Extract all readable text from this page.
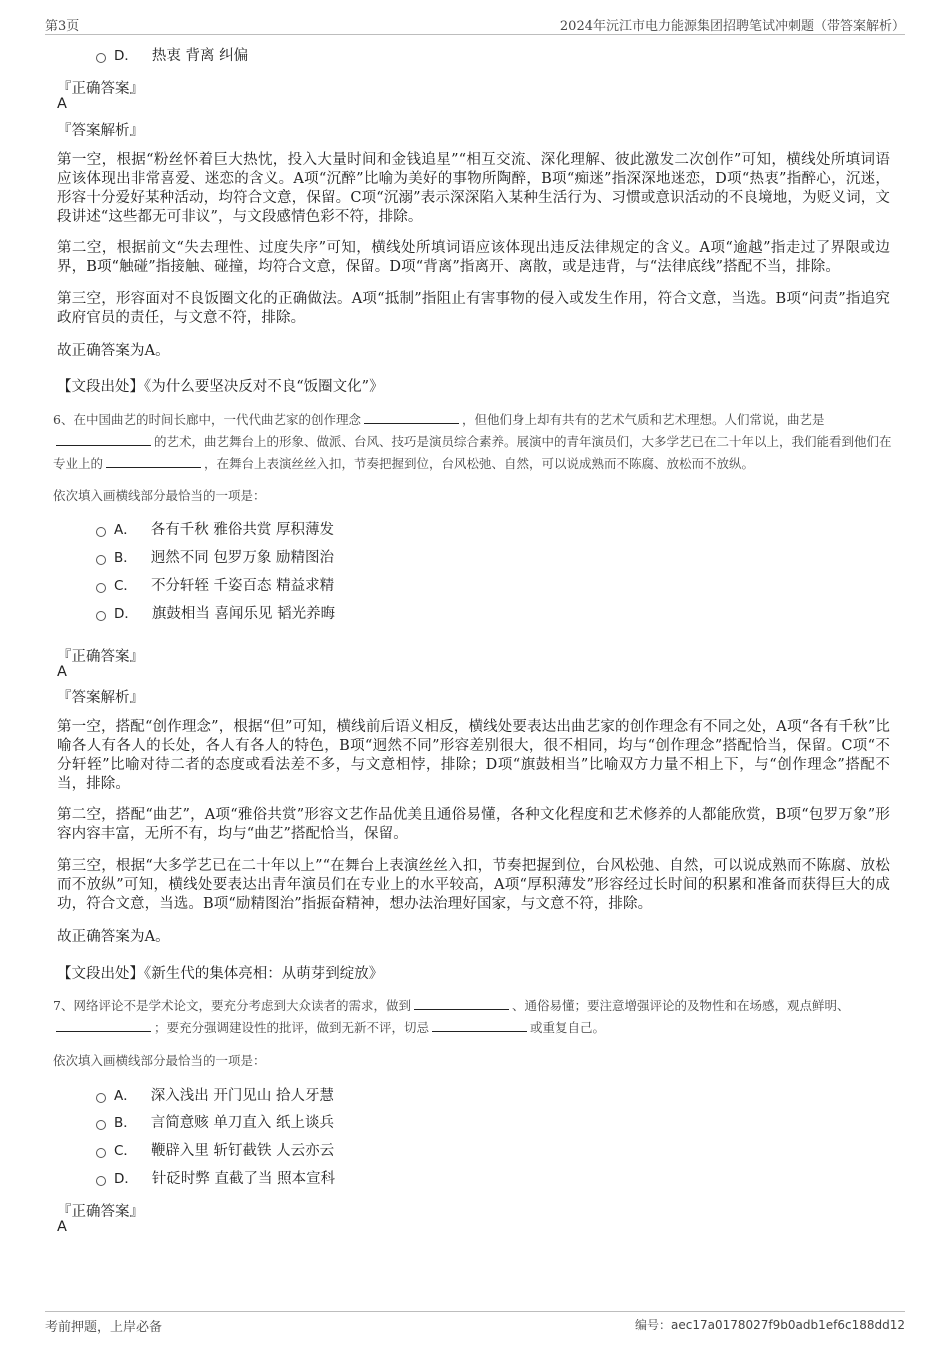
第3页	2024年沅江市电力能源集团招聘笔试冲刺题（带答案解析）
D． 热衷 背离 纠偏
『正确答案』
A
『答案解析』
第一空，根据“粉丝怀着巨大热忱，投入大量时间和金钱追星”“相互交流、深化理解、彼此激发二次创作”可知，横线处所填词语应该体现出非常喜爱、迷恋的含义。A项“沉醉”比喻为美好的事物所陶醉，B项“痴迷”指深深地迷恋，D项“热衷”指醉心，沉迷，形容十分爱好某种活动，均符合文意，保留。C项“沉溺”表示深深陷入某种生活行为、习惯或意识活动的不良境地，为贬义词，文段讲述“这些都无可非议”，与文段感情色彩不符，排除。
第二空，根据前文“失去理性、过度失序”可知，横线处所填词语应该体现出违反法律规定的含义。A项“逾越”指走过了界限或边界，B项“触碰”指接触、碰撞，均符合文意，保留。D项“背离”指离开、离散，或是违背，与“法律底线”搭配不当，排除。
第三空，形容面对不良饭圈文化的正确做法。A项“抵制”指阻止有害事物的侵入或发生作用，符合文意，当选。B项“问责”指追究政府官员的责任，与文意不符，排除。
故正确答案为A。
【文段出处】《为什么要坚决反对不良“饭圈文化”》
6、在中国曲艺的时间长廊中，一代代曲艺家的创作理念	，但他们身上却有共有的艺术气质和艺术理想。人们常说，曲艺是的艺术，曲艺舞台上的形象、做派、台风、技巧是演员综合素养。展演中的青年演员们，大多学艺已在二十年以上，我们能看到他们在专业上的	，在舞台上表演丝丝入扣，节奏把握到位，台风松弛、自然，可以说成熟而不陈腐、放松而不放纵。
依次填入画横线部分最恰当的一项是：
A． 各有千秋 雅俗共赏 厚积薄发
B． 迥然不同 包罗万象 励精图治
C． 不分轩轾 千姿百态 精益求精
D． 旗鼓相当 喜闻乐见 韬光养晦
『正确答案』
A
『答案解析』
第一空，搭配“创作理念”，根据“但”可知，横线前后语义相反，横线处要表达出曲艺家的创作理念有不同之处，A项“各有千秋”比喻各人有各人的长处，各人有各人的特色，B项“迥然不同”形容差别很大，很不相同，均与“创作理念”搭配恰当，保留。C项“不分轩轾”比喻对待二者的态度或看法差不多，与文意相悖，排除；D项“旗鼓相当”比喻双方力量不相上下，与“创作理念”搭配不当，排除。
第二空，搭配“曲艺”，A项“雅俗共赏”形容文艺作品优美且通俗易懂，各种文化程度和艺术修养的人都能欣赏，B项“包罗万象”形容内容丰富，无所不有，均与“曲艺”搭配恰当，保留。
第三空，根据“大多学艺已在二十年以上”“在舞台上表演丝丝入扣，节奏把握到位，台风松弛、自然，可以说成熟而不陈腐、放松而不放纵”可知，横线处要表达出青年演员们在专业上的水平较高，A项“厚积薄发”形容经过长时间的积累和准备而获得巨大的成功，符合文意，当选。B项“励精图治”指振奋精神，想办法治理好国家，与文意不符，排除。
故正确答案为A。
【文段出处】《新生代的集体亮相：从萌芽到绽放》
7、网络评论不是学术论文，要充分考虑到大众读者的需求，做到	、通俗易懂；要注意增强评论的及物性和在场感，观点鲜明、；要充分强调建设性的批评，做到无新不评，切忌	或重复自己。
依次填入画横线部分最恰当的一项是：
A． 深入浅出 开门见山 拾人牙慧
B． 言简意赅 单刀直入 纸上谈兵
C． 鞭辟入里 斩钉截铁 人云亦云
D． 针砭时弊 直截了当 照本宣科
『正确答案』
A
考前押题，上岸必备	编号：aec17a0178027f9b0adb1ef6c188dd12
